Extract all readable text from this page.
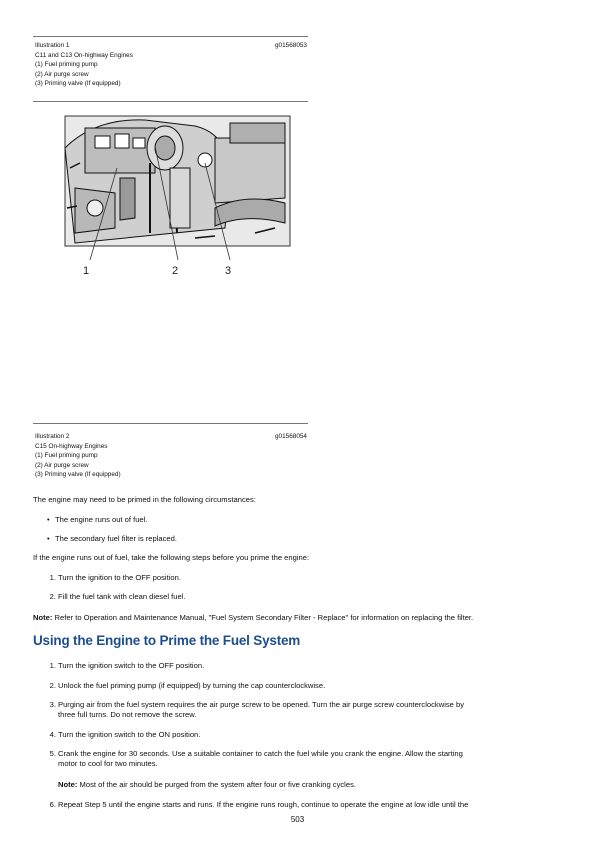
Illustration 1	g01568053
C11 and C13 On-highway Engines
(1) Fuel priming pump
(2) Air purge screw
(3) Priming valve (If equipped)
1	2	3
Illustration 2	g01568054
C15 On-highway Engines
(1) Fuel priming pump
(2) Air purge screw
(3) Priming valve (If equipped)
The engine may need to be primed in the following circumstances:
• The engine runs out of fuel.
• The secondary fuel filter is replaced.
If the engine runs out of fuel, take the following steps before you prime the engine:
1. Turn the ignition to the OFF position.
2. Fill the fuel tank with clean diesel fuel.
Note: Refer to Operation and Maintenance Manual, "Fuel System Secondary Filter - Replace" for information on replacing the filter.
Using the Engine to Prime the Fuel System
1. Turn the ignition switch to the OFF position.
2. Unlock the fuel priming pump (if equipped) by turning the cap counterclockwise.
3. Purging air from the fuel system requires the air purge screw to be opened. Turn the air purge screw counterclockwise by
three full turns. Do not remove the screw.
4. Turn the ignition switch to the ON position.
5. Crank the engine for 30 seconds. Use a suitable container to catch the fuel while you crank the engine. Allow the starting
motor to cool for two minutes.
Note: Most of the air should be purged from the system after four or five cranking cycles.
6. Repeat Step 5 until the engine starts and runs. If the engine runs rough, continue to operate the engine at low idle until the
503
